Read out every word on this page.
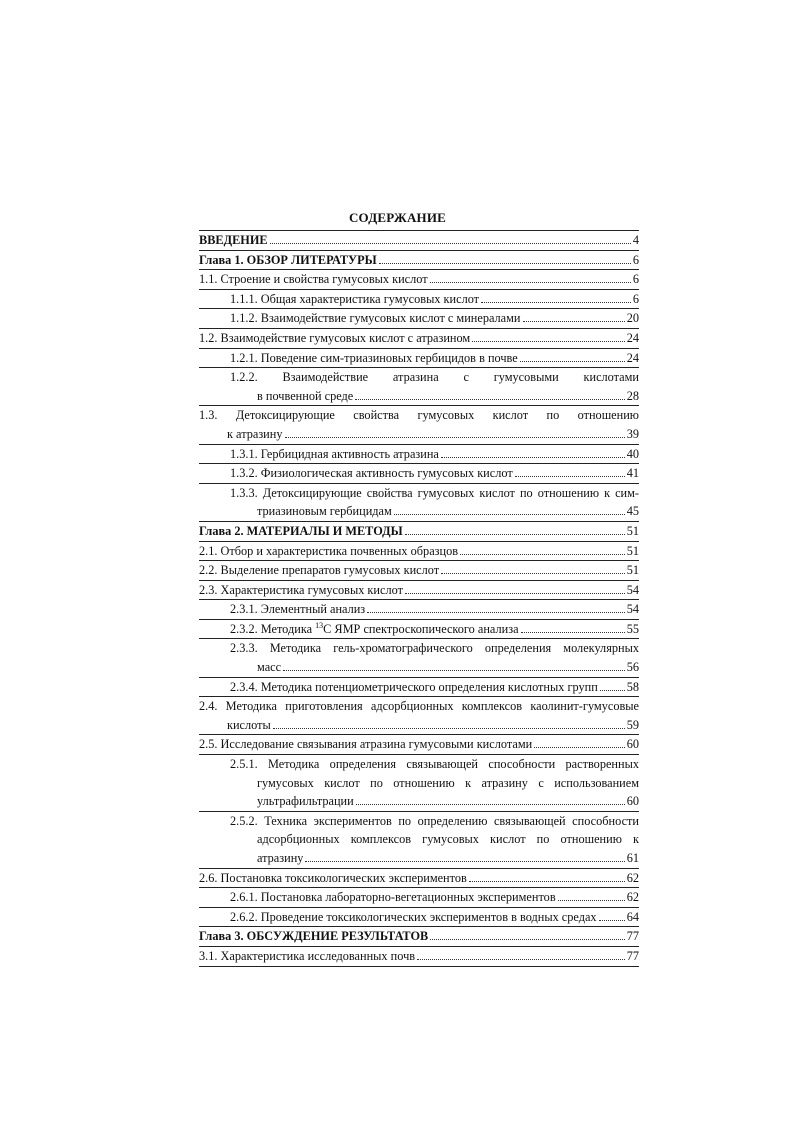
СОДЕРЖАНИЕ
ВВЕДЕНИЕ	4
Глава 1. ОБЗОР ЛИТЕРАТУРЫ	6
1.1. Строение и свойства гумусовых кислот	6
1.1.1. Общая характеристика гумусовых кислот	6
1.1.2. Взаимодействие гумусовых кислот с минералами	20
1.2. Взаимодействие гумусовых кислот с атразином	24
1.2.1. Поведение сим-триазиновых гербицидов в почве	24
1.2.2. Взаимодействие атразина с гумусовыми кислотами
в почвенной среде	28
1.3. Детоксицирующие свойства гумусовых кислот по отношению
к атразину	39
1.3.1. Гербицидная активность атразина	40
1.3.2. Физиологическая активность гумусовых кислот	41
1.3.3. Детоксицирующие свойства гумусовых кислот по отношению к сим-
триазиновым гербицидам	45
Глава 2. МАТЕРИАЛЫ И МЕТОДЫ	51
2.1. Отбор и характеристика почвенных образцов	51
2.2. Выделение препаратов гумусовых кислот	51
2.3. Характеристика гумусовых кислот	54
2.3.1. Элементный анализ	54
2.3.2. Методика $^{13}$C ЯМР спектроскопического анализа	55
2.3.3. Методика гель-хроматографического определения молекулярных
масс	56
2.3.4. Методика потенциометрического определения кислотных групп 58
2.4. Методика приготовления адсорбционных комплексов каолинит-гумусовые
кислоты	59
2.5. Исследование связывания атразина гумусовыми кислотами	60
2.5.1. Методика определения связывающей способности растворенных
гумусовых кислот по отношению к атразину с использованием
ультрафильтрации	60
2.5.2. Техника экспериментов по определению связывающей способности
адсорбционных комплексов гумусовых кислот по отношению к
атразину	61
2.6. Постановка токсикологических экспериментов	62
2.6.1. Постановка лабораторно-вегетационных экспериментов	62
2.6.2. Проведение токсикологических экспериментов в водных средах 64
Глава 3. ОБСУЖДЕНИЕ РЕЗУЛЬТАТОВ	77
3.1. Характеристика исследованных почв	77
